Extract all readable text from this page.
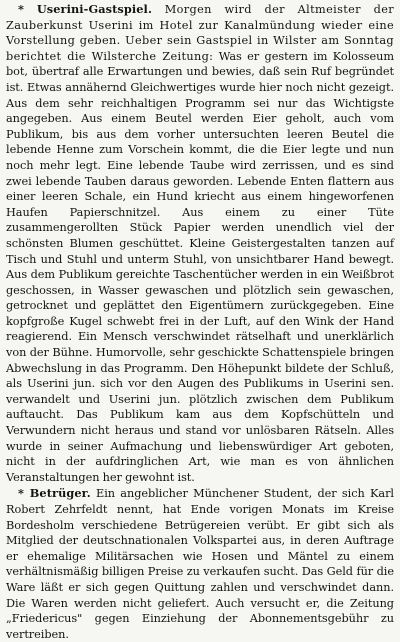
* Userini-Gastspiel. Morgen wird der Altmeister der Zauberkunst Userini im Hotel zur Kanalmündung wieder eine Vorstellung geben. Ueber sein Gastspiel in Wilster am Sonntag berichtet die Wilsterche Zeitung: Was er gestern im Kolosseum bot, übertraf alle Erwartungen und bewies, daß sein Ruf begründet ist. Etwas annähernd Gleichwertiges wurde hier noch nicht gezeigt. Aus dem sehr reichhaltigen Programm sei nur das Wichtigste angegeben. Aus einem Beutel werden Eier geholt, auch vom Publikum, bis aus dem vorher untersuchten leeren Beutel die lebende Henne zum Vorschein kommt, die die Eier legte und nun noch mehr legt. Eine lebende Taube wird zerrissen, und es sind zwei lebende Tauben daraus geworden. Lebende Enten flattern aus einer leeren Schale, ein Hund kriecht aus einem hingeworfenen Haufen Papierschnitzel. Aus einem zu einer Tüte zusammengerollten Stück Papier werden unendlich viel der schönsten Blumen geschüttet. Kleine Geistergestalten tanzen auf Tisch und Stuhl und unterm Stuhl, von unsichtbarer Hand bewegt. Aus dem Publikum gereichte Taschentücher werden in ein Weißbrot geschossen, in Wasser gewaschen und plötzlich sein gewaschen, getrocknet und geplättet den Eigentümern zurückgegeben. Eine kopfgroße Kugel schwebt frei in der Luft, auf den Wink der Hand reagierend. Ein Mensch verschwindet rätselhaft und unerklärlich von der Bühne. Humorvolle, sehr geschickte Schattenspiele bringen Abwechslung in das Programm. Den Höhepunkt bildete der Schluß, als Userini jun. sich vor den Augen des Publikums in Userini sen. verwandelt und Userini jun. plötzlich zwischen dem Publikum auftaucht. Das Publikum kam aus dem Kopfschütteln und Verwundern nicht heraus und stand vor unlösbaren Rätseln. Alles wurde in seiner Aufmachung und liebenswürdiger Art geboten, nicht in der aufdringlichen Art, wie man es von ähnlichen Veranstaltungen her gewohnt ist.

* Betrüger. Ein angeblicher Münchener Student, der sich Karl Robert Zehrfeldt nennt, hat Ende vorigen Monats im Kreise Bordesholm verschiedene Betrügereien verübt. Er gibt sich als Mitglied der deutschnationalen Volkspartei aus, in deren Auftrage er ehemalige Militärsachen wie Hosen und Mäntel zu einem verhältnismäßig billigen Preise zu verkaufen sucht. Das Geld für die Ware läßt er sich gegen Quittung zahlen und verschwindet dann. Die Waren werden nicht geliefert. Auch versucht er, die Zeitung „Friedericus" gegen Einziehung der Abonnementsgebühr zu vertreiben.
